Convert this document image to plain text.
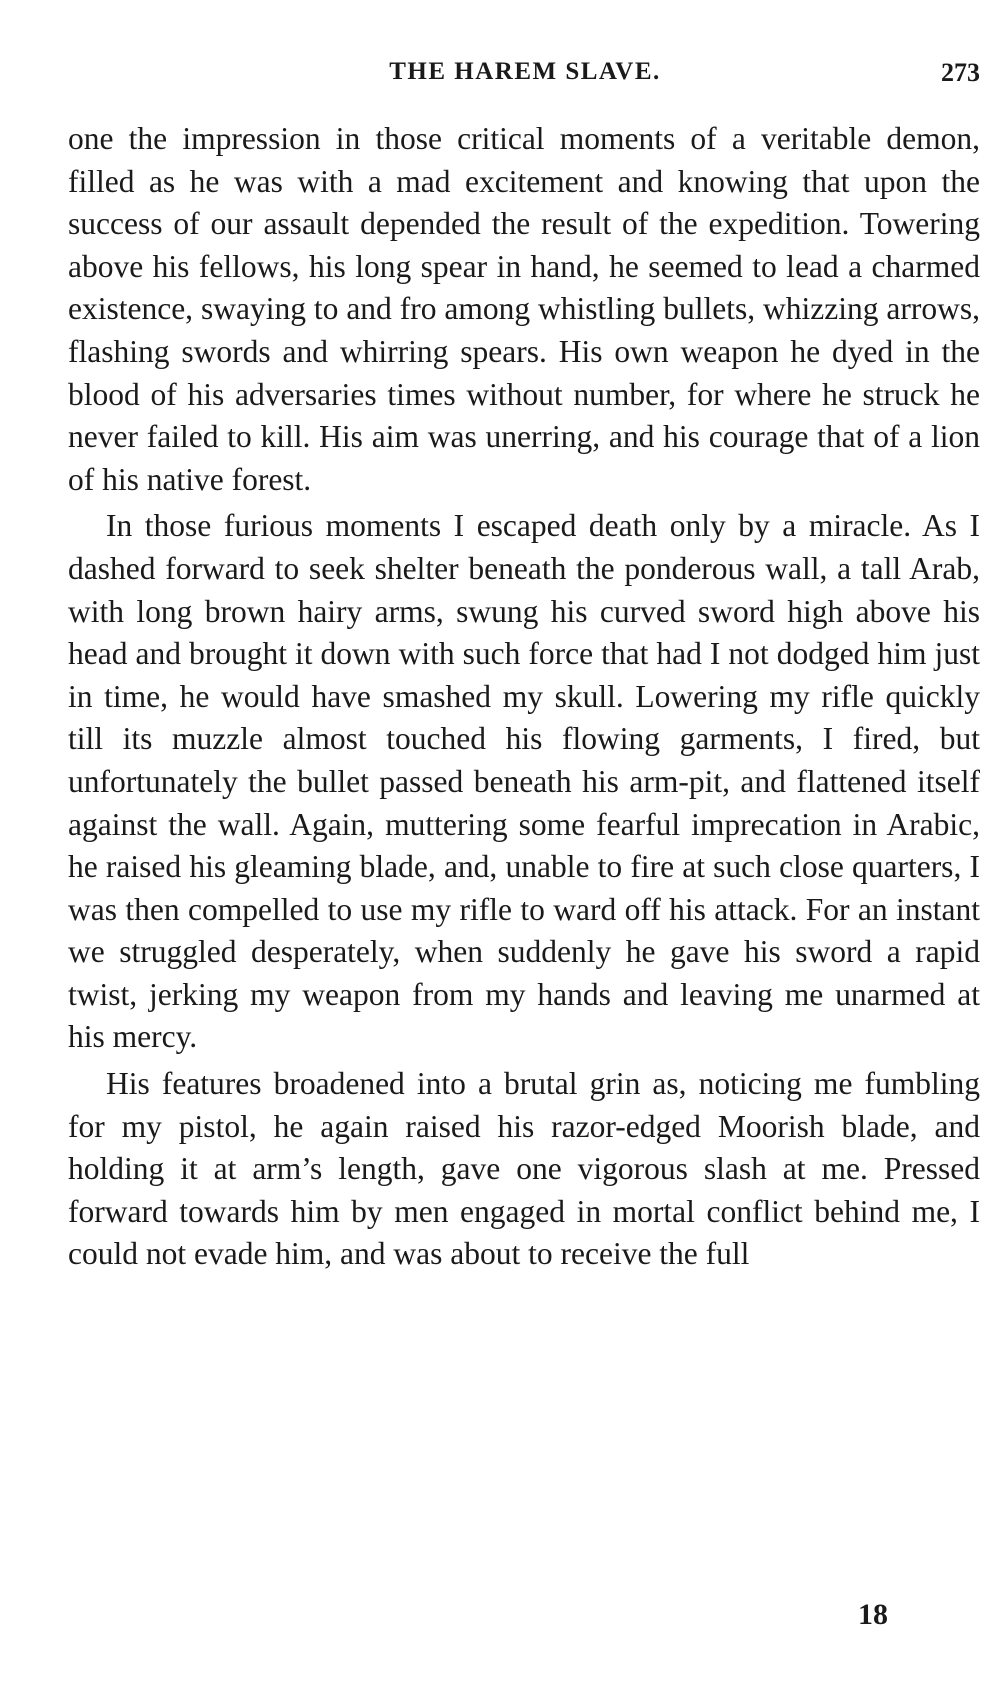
THE HAREM SLAVE.	273

one the impression in those critical moments of a veritable demon, filled as he was with a mad excitement and knowing that upon the success of our assault depended the result of the expedition. Towering above his fellows, his long spear in hand, he seemed to lead a charmed existence, swaying to and fro among whistling bullets, whizzing arrows, flashing swords and whirring spears. His own weapon he dyed in the blood of his adversaries times without number, for where he struck he never failed to kill. His aim was unerring, and his courage that of a lion of his native forest.

In those furious moments I escaped death only by a miracle. As I dashed forward to seek shelter beneath the ponderous wall, a tall Arab, with long brown hairy arms, swung his curved sword high above his head and brought it down with such force that had I not dodged him just in time, he would have smashed my skull. Lowering my rifle quickly till its muzzle almost touched his flowing garments, I fired, but unfortunately the bullet passed beneath his arm-pit, and flattened itself against the wall. Again, muttering some fearful imprecation in Arabic, he raised his gleaming blade, and, unable to fire at such close quarters, I was then compelled to use my rifle to ward off his attack. For an instant we struggled desperately, when suddenly he gave his sword a rapid twist, jerking my weapon from my hands and leaving me unarmed at his mercy.

His features broadened into a brutal grin as, noticing me fumbling for my pistol, he again raised his razor-edged Moorish blade, and holding it at arm’s length, gave one vigorous slash at me. Pressed forward towards him by men engaged in mortal conflict behind me, I could not evade him, and was about to receive the full

18
